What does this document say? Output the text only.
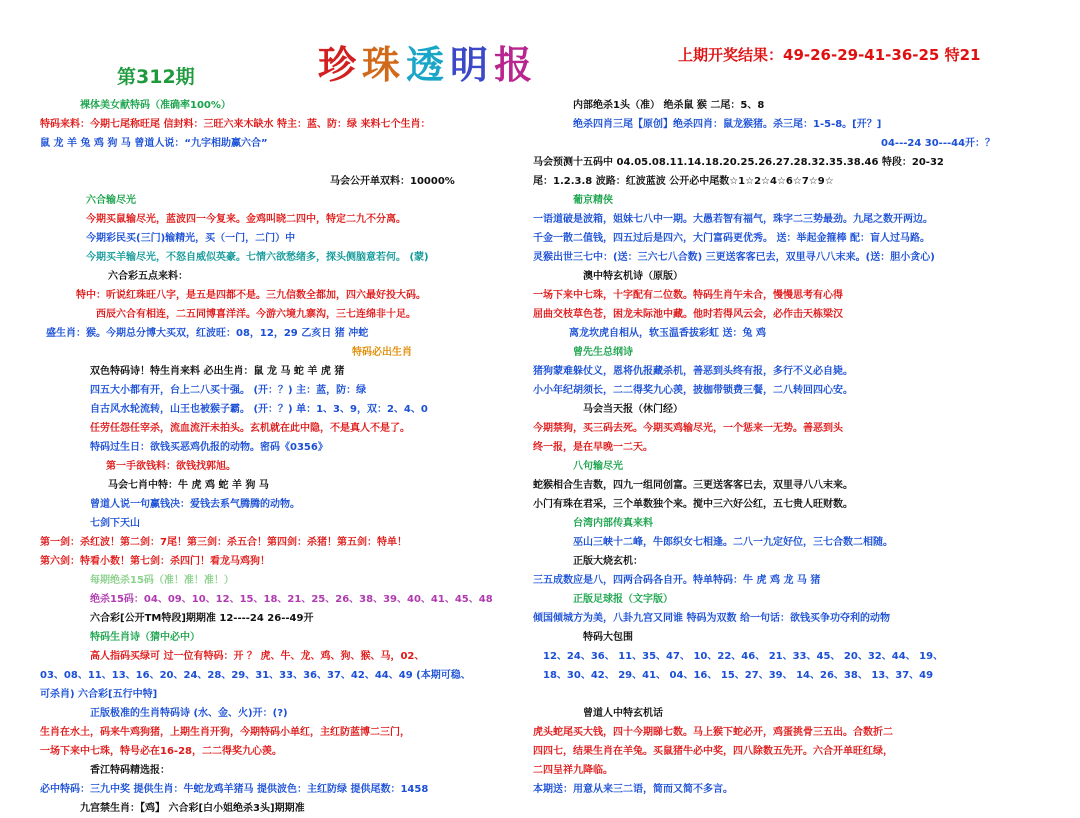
第312期	珍珠透明报	上期开奖结果：49-26-29-41-36-25 特21
裸体美女献特码（准确率100%）
特码来料：今期七尾称旺尾 信封料：三旺六来木缺水 特主：蓝、防：绿 来料七个生肖：
鼠 龙 羊 兔 鸡 狗 马 曾道人说：“九字相助赢六合”
马会公开单双料：10000%
六合输尽光
今期买鼠输尽光，蓝波四一今复来。金鸡叫晓二四中，特定二九不分离。
今期彩民买(三门)输精光，买（一门，二门）中
今期买羊输尽光，不怒自威似英豪。七情六欲愁绪多，探头侧脑意若何。 (蒙)
六合彩五点来料：
特中：听说红珠旺八字，是五是四都不是。三九信数全都加，四六最好投大码。
西辰六合有相连，二五同博喜洋洋。今游六境九寨沟，三七连绵非十足。
盛生肖：猴。今期总分博大买双，红波旺：08，12，29 乙亥日 猪 冲蛇
特码必出生肖
双色特码诗！特生肖来料 必出生肖：鼠 龙 马 蛇 羊 虎 猪
四五大小都有开，台上二八买十强。 (开：？) 主：蓝，防：绿
自古风水轮流转，山王也被猴子霸。 (开：？) 单：1、3、9，双：2、4、0
任劳任怨任宰杀，流血流汗未拍头。玄机就在此中隐，不是真人不是了。
特码过生日：欲钱买恶鸡仇报的动物。密码《0356》
第一手欲钱料：欲钱找郭旭。
马会七肖中特：牛 虎 鸡 蛇 羊 狗 马
曾道人说一句赢钱决：爱钱去系气腾腾的动物。
七剑下天山
第一剑：杀红波！第二剑：7尾！第三剑：杀五合！第四剑：杀猪！第五剑：特单！
第六剑：特看小数！第七剑：杀四门！看龙马鸡狗！
每期绝杀15码（准！准！准！）
绝杀15码：04、09、10、12、15、18、21、25、26、38、39、40、41、45、48
六合彩[公开TM特段]期期准 12----24 26--49开
特码生肖诗（猜中必中）
高人指码买绿可 过一位有特码：开 ？ 虎、牛、龙、鸡、狗、猴、马，02、
03、08、11、13、16、20、24、28、29、31、33、36、37、42、44、49 (本期可稳、
可杀肖) 六合彩[五行中特]
正版极准的生肖特码诗 (水、金、火)开：(?)
生肖在水土，码来牛鸡狗猪，上期生肖开狗，今期特码小单红，主红防蓝博二三门，
一场下来中七珠，特号必在16-28，二二得奖九心羡。
香江特码精选报：
必中特码：三九中奖 提供生肖：牛蛇龙鸡羊猪马 提供波色：主红防绿 提供尾数：1458
九宫禁生肖：【鸡】 六合彩[白小姐绝杀3头]期期准
内部绝杀1头（准） 绝杀鼠 猴 二尾：5、8
绝杀四肖三尾【原创】绝杀四肖：鼠龙猴猪。杀三尾：1-5-8。[开？]
04---24 30---44开：？
马会预测十五码中 04.05.08.11.14.18.20.25.26.27.28.32.35.38.46 特段：20-32
尾：1.2.3.8 波路：红波蓝波 公开必中尾数☆1☆2☆4☆6☆7☆9☆
葡京精侠
一语道破是波箱，姐妹七八中一期。大愚若智有福气，珠字二三势最劲。九尾之数开两边。
千金一散二值钱，四五过后是四六，大门富码更优秀。 送：举起金箍棒 配：盲人过马路。
灵猴出世三七中：(送：三六七八合数) 三更送客客已去，双里寻八八末来。(送：胆小贪心)
澳中特玄机诗（原版）
一场下来中七珠，十字配有二位数。特码生肖午未合，慢慢思考有心得
屈曲交枝草色苍，困龙未际池中藏。他时若得风云会，必作击天栋梁汉
离龙坎虎自相从，软玉温香拔彩虹 送：兔 鸡
曾先生总纲诗
猪狗蒙难躲仗义，恩将仇报藏杀机，善恶到头终有报，多行不义必自毙。
小小年纪胡须长，二二得奖九心羡，披枷带锁费三餐，二八转回四心安。
马会当天报（休门经）
今期禁狗，买三码去死。今期买鸡输尽光，一个惩来一无势。善恶到头
终一报，是在早晚一二天。
八句输尽光
蛇猴相合生吉数，四九一组同创富。三更送客客已去，双里寻八八末来。
小门有珠在君采，三个单数独个来。搅中三六好公红，五七贵人旺财数。
台湾内部传真来料
巫山三峡十二峰，牛郎织女七相逢。二八一九定好位，三七合数二相随。
正版大烧玄机：
三五成数应是八，四两合码各自开。特单特码：牛 虎 鸡 龙 马 猪
正版足球报（文字版）
倾国倾城方为美，八卦九宫又同谁 特码为双数 给一句话：欲钱买争功夺利的动物
特码大包围
12、24、36、 11、35、47、 10、22、46、 21、33、45、 20、32、44、 19、
18、30、42、 29、41、 04、16、 15、27、39、 14、26、38、 13、37、49
曾道人中特玄机话
虎头蛇尾买大钱，四十今期睇七数。马上猴下蛇必开，鸡蛋挑骨三五出。合数折二
四四七，结果生肖在羊兔。买鼠猪牛必中奖，四八除数五先开。六合开单旺红绿，
二四呈祥九降临。
本期送：用意从来三二语，简而又简不多言。
